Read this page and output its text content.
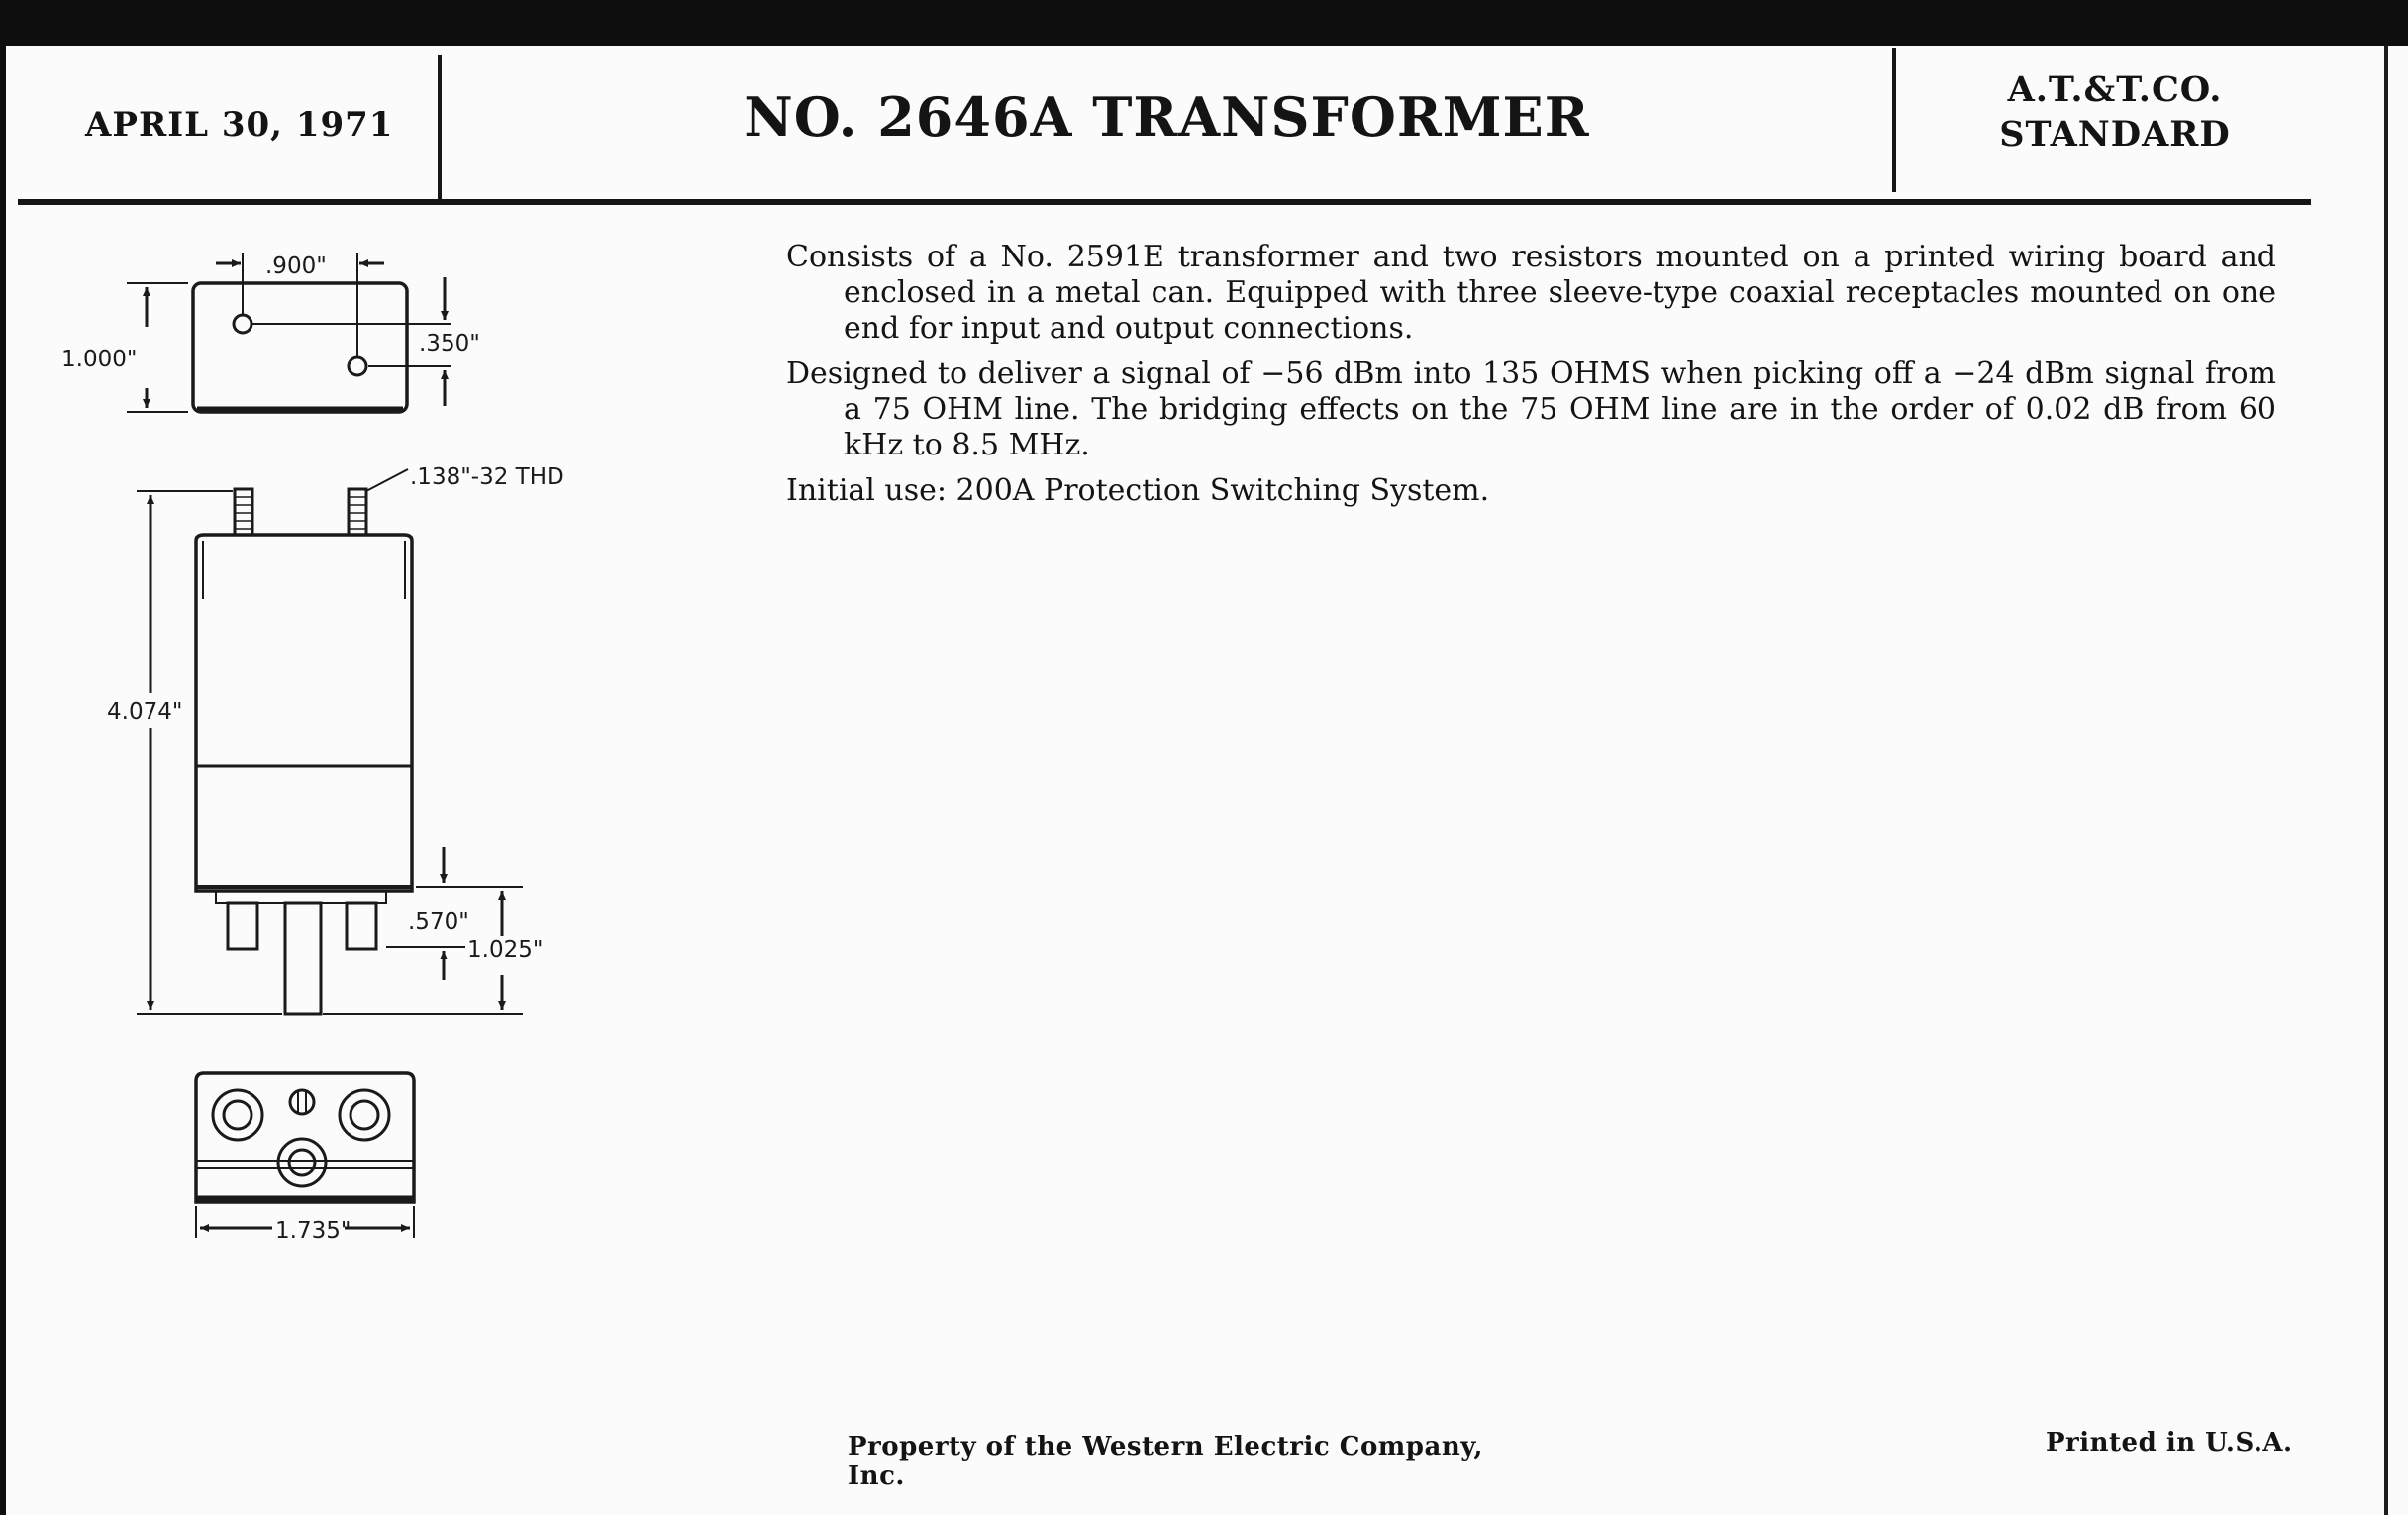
APRIL 30, 1971	NO. 2646A TRANSFORMER	A.T.&T.CO.
STANDARD

Consists of a No. 2591E transformer and two resistors mounted on a printed wiring board and enclosed in a metal can. Equipped with three sleeve-type coaxial receptacles mounted on one end for input and output connections.

Designed to deliver a signal of −56 dBm into 135 OHMS when picking off a −24 dBm signal from a 75 OHM line. The bridging effects on the 75 OHM line are in the order of 0.02 dB from 60 kHz to 8.5 MHz.

Initial use: 200A Protection Switching System.

Property of the Western Electric Company, Inc.
Printed in U.S.A.
.900"
1.000"
.350"
.138"-32 THD
4.074"
.570"
1.025"
1.735"
